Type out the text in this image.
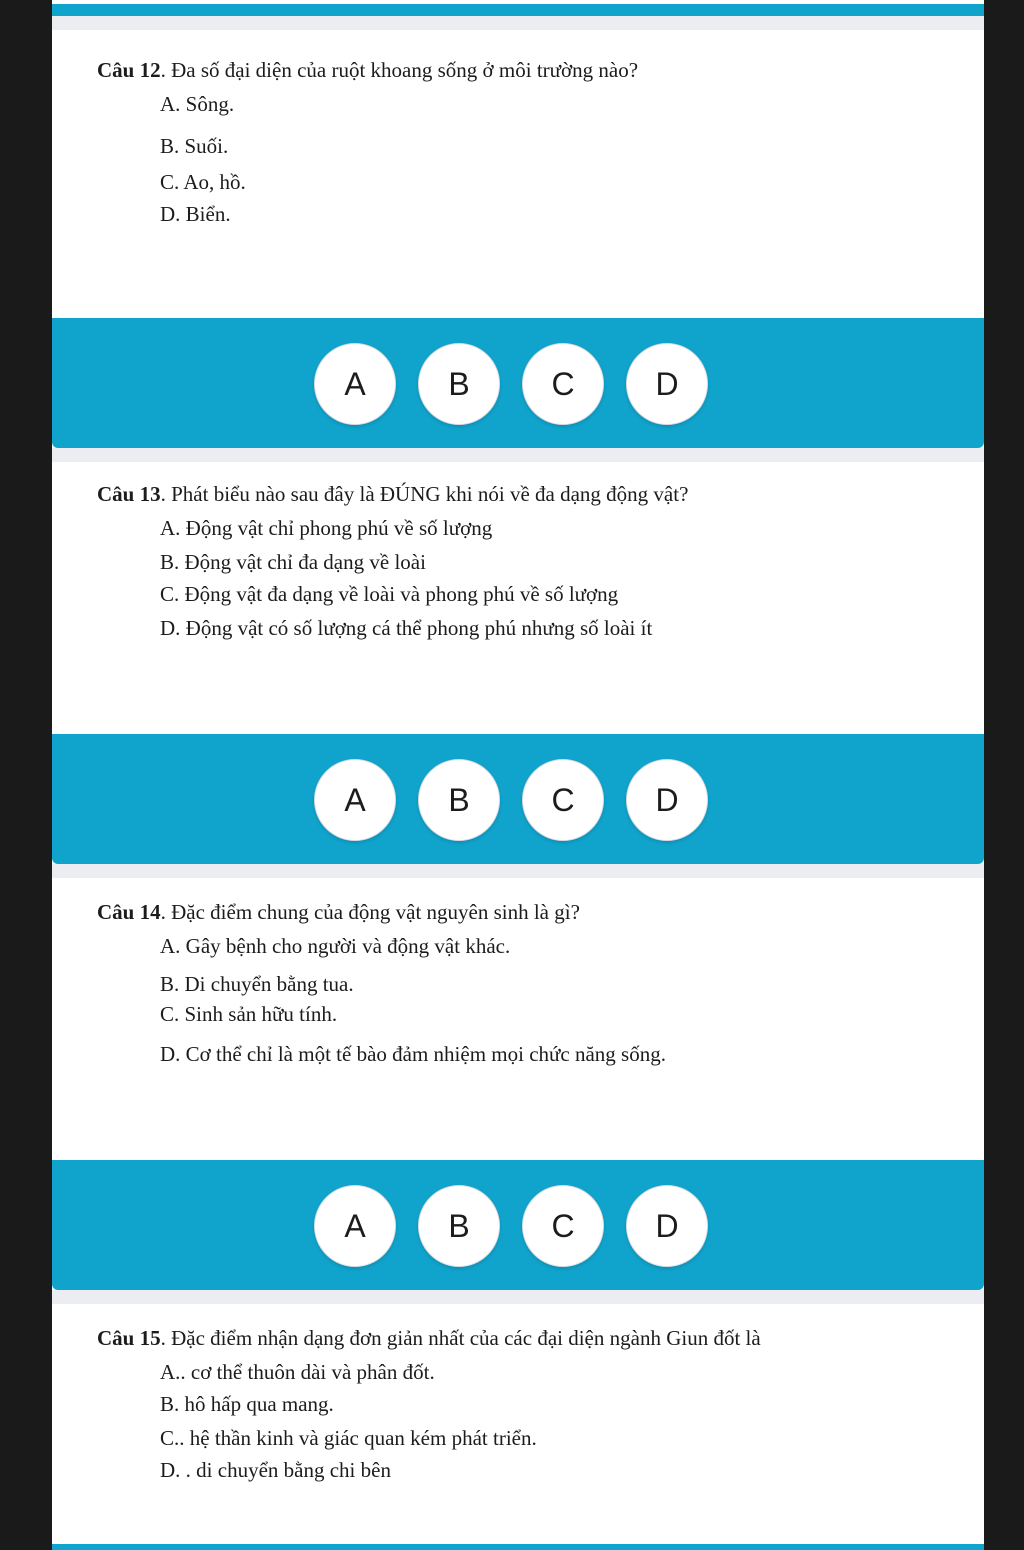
Câu 12. Đa số đại diện của ruột khoang sống ở môi trường nào?
A. Sông.
B. Suối.
C. Ao, hồ.
D. Biển.
A	B	C	D
Câu 13. Phát biểu nào sau đây là ĐÚNG khi nói về đa dạng động vật?
A. Động vật chỉ phong phú về số lượng
B. Động vật chỉ đa dạng về loài
C. Động vật đa dạng về loài và phong phú về số lượng
D. Động vật có số lượng cá thể phong phú nhưng số loài ít
A	B	C	D
Câu 14. Đặc điểm chung của động vật nguyên sinh là gì?
A. Gây bệnh cho người và động vật khác.
B. Di chuyển bằng tua.
C. Sinh sản hữu tính.
D. Cơ thể chỉ là một tế bào đảm nhiệm mọi chức năng sống.
A	B	C	D
Câu 15. Đặc điểm nhận dạng đơn giản nhất của các đại diện ngành Giun đốt là
A.. cơ thể thuôn dài và phân đốt.
B. hô hấp qua mang.
C.. hệ thần kinh và giác quan kém phát triển.
D. . di chuyển bằng chi bên
